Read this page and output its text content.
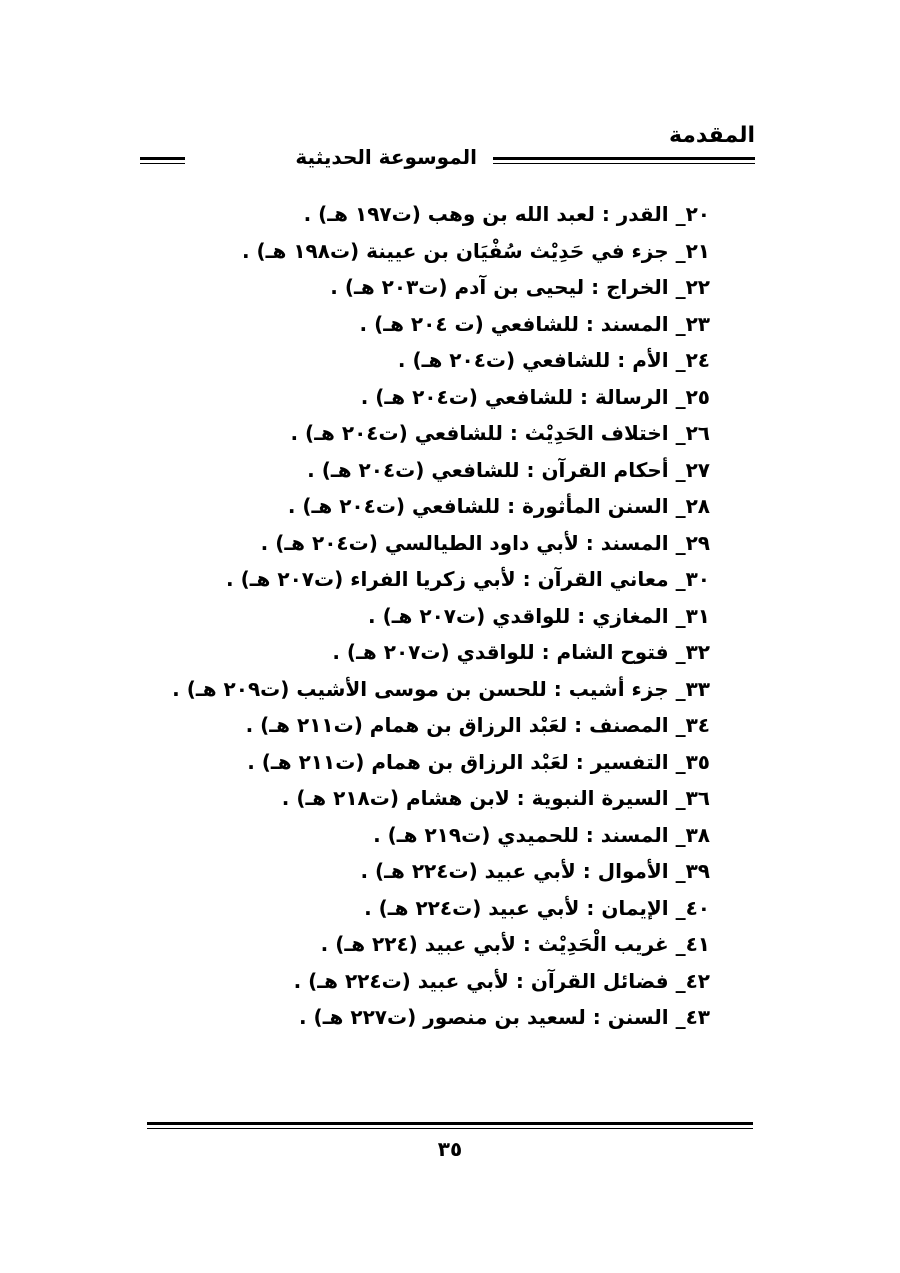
المقدمة
الموسوعة الحديثية
٢٠_ القدر : لعبد الله بن وهب (ت١٩٧ هـ) .
٢١_ جزء في حَدِيْث سُفْيَان بن عيينة (ت١٩٨ هـ) .
٢٢_ الخراج : ليحيى بن آدم (ت٢٠٣ هـ) .
٢٣_ المسند : للشافعي (ت ٢٠٤ هـ) .
٢٤_ الأم : للشافعي (ت٢٠٤ هـ) .
٢٥_ الرسالة : للشافعي (ت٢٠٤ هـ) .
٢٦_ اختلاف الحَدِيْث : للشافعي (ت٢٠٤ هـ) .
٢٧_ أحكام القرآن : للشافعي (ت٢٠٤ هـ) .
٢٨_ السنن المأثورة : للشافعي (ت٢٠٤ هـ) .
٢٩_ المسند : لأبي داود الطيالسي (ت٢٠٤ هـ) .
٣٠_ معاني القرآن : لأبي زكريا الفراء (ت٢٠٧ هـ) .
٣١_ المغازي : للواقدي (ت٢٠٧ هـ) .
٣٢_ فتوح الشام : للواقدي (ت٢٠٧ هـ) .
٣٣_ جزء أشيب : للحسن بن موسى الأشيب (ت٢٠٩ هـ) .
٣٤_ المصنف : لعَبْد الرزاق بن همام (ت٢١١ هـ) .
٣٥_ التفسير : لعَبْد الرزاق بن همام (ت٢١١ هـ) .
٣٦_ السيرة النبوية : لابن هشام (ت٢١٨ هـ) .
٣٨_ المسند : للحميدي (ت٢١٩ هـ) .
٣٩_ الأموال : لأبي عبيد (ت٢٢٤ هـ) .
٤٠_ الإيمان : لأبي عبيد (ت٢٢٤ هـ) .
٤١_ غريب الْحَدِيْث : لأبي عبيد (٢٢٤ هـ) .
٤٢_ فضائل القرآن : لأبي عبيد (ت٢٢٤ هـ) .
٤٣_ السنن : لسعيد بن منصور (ت٢٢٧ هـ) .
٣٥
